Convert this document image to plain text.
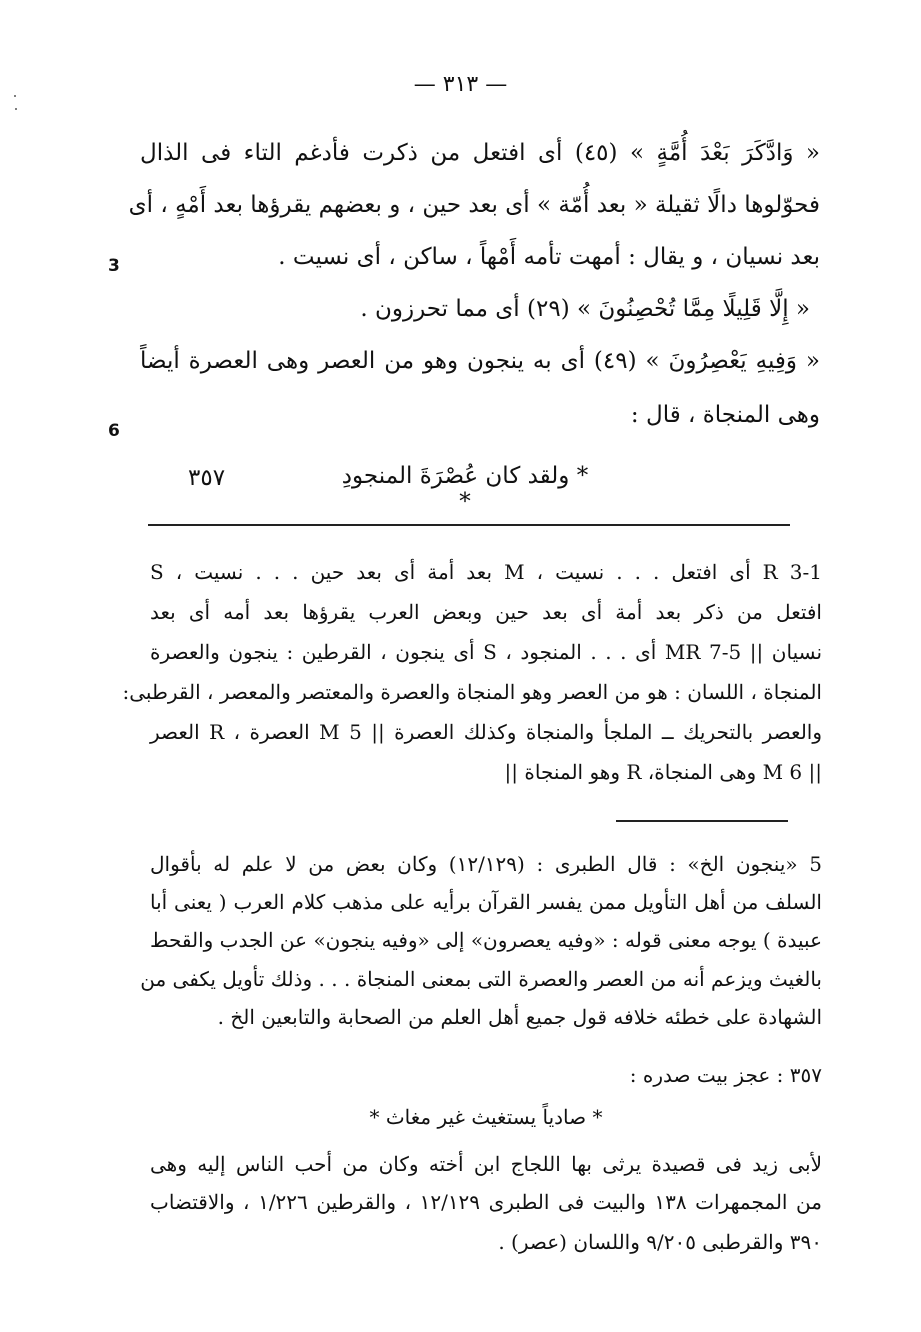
— ٣١٣ —
« وَادَّكَرَ بَعْدَ أُمَّةٍ » (٤٥) أى افتعل من ذكرت فأدغم التاء فى الذال
فحوّلوها دالًا ثقيلة « بعد أُمّة » أى بعد حين ، و بعضهم يقرؤها بعد أَمْهٍ ، أى
بعد نسيان ، و يقال : أمهت تأمه أَمْهاً ، ساكن ، أى نسيت .
« إِلَّا قَلِيلًا مِمَّا تُحْصِنُونَ » (٢٩) أى مما تحرزون .
« وَفِيهِ يَعْصِرُونَ » (٤٩) أى به ينجون وهو من العصر وهى العصرة أيضاً
وهى المنجاة ، قال :
3
6
* ولقد كان عُصْرَةَ المنجودِ *
٣٥٧
3-1 R أى افتعل . . . نسيت ، M بعد أمة أى بعد حين . . . نسيت ، S
افتعل من ذكر بعد أمة أى بعد حين وبعض العرب يقرؤها بعد أمه أى بعد
نسيان || 5-7 MR أى . . . المنجود ، S أى ينجون ، القرطين : ينجون والعصرة
المنجاة ، اللسان : هو من العصر وهو المنجاة والعصرة والمعتصر والمعصر ، القرطبى:
والعصر بالتحريك ــ الملجأ والمنجاة وكذلك العصرة || 5 M العصرة ، R العصر
|| 6 M وهى المنجاة، R وهو المنجاة ||
5 «ينجون الخ» : قال الطبرى : (١٢/١٢٩) وكان بعض من لا علم له بأقوال
السلف من أهل التأويل ممن يفسر القرآن برأيه على مذهب كلام العرب ( يعنى أبا
عبيدة ) يوجه معنى قوله : «وفيه يعصرون» إلى «وفيه ينجون» عن الجدب والقحط
بالغيث ويزعم أنه من العصر والعصرة التى بمعنى المنجاة . . . وذلك تأويل يكفى من
الشهادة على خطئه خلافه قول جميع أهل العلم من الصحابة والتابعين الخ .
٣٥٧ : عجز بيت صدره :
* صادياً يستغيث غير مغاث *
لأبى زيد فى قصيدة يرثى بها اللجاج ابن أخته وكان من أحب الناس إليه وهى
من المجمهرات ١٣٨ والبيت فى الطبرى ١٢/١٢٩ ، والقرطين ١/٢٢٦ ، والاقتضاب
٣٩٠ والقرطبى ٩/٢٠٥ واللسان (عصر) .
